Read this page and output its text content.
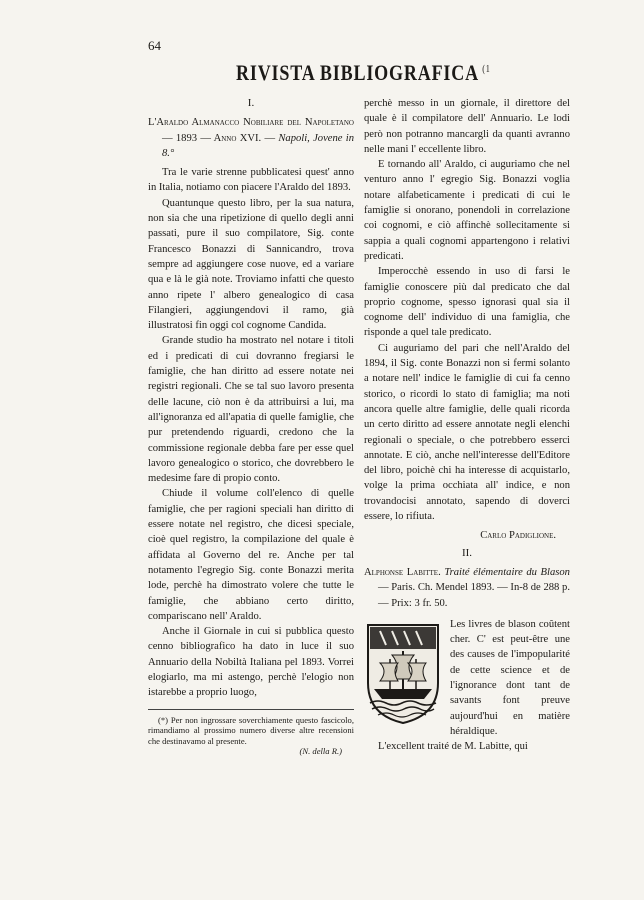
64
RIVISTA BIBLIOGRAFICA $^{(1}$
I.

L'Araldo Almanacco Nobiliare del Napoletano — 1893 — Anno XVI. — Napoli, Jovene in 8.°

Tra le varie strenne pubblicatesi quest' anno in Italia, notiamo con piacere l'Araldo del 1893.

Quantunque questo libro, per la sua natura, non sia che una ripetizione di quello degli anni passati, pure il suo compilatore, Sig. conte Francesco Bonazzi di Sannicandro, trova sempre ad aggiungere cose nuove, ed a variare qua e là le già note. Troviamo infatti che questo anno ripete l' albero genealogico di casa Filangieri, aggiungendovi il ramo, già illustratosi fin oggi col cognome Candida.

Grande studio ha mostrato nel notare i titoli ed i predicati di cui dovranno fregiarsi le famiglie, che han diritto ad essere notate nei registri regionali. Che se tal suo lavoro presenta delle lacune, ciò non è da attribuirsi a lui, ma all'ignoranza ed all'apatia di quelle famiglie, che pur pretendendo riguardi, credono che la commissione regionale debba fare per esse quel lavoro genealogico o storico, che dovrebbero le medesime fare di propio conto.

Chiude il volume coll'elenco di quelle famiglie, che per ragioni speciali han diritto di essere notate nel registro, che dicesi speciale, cioè quel registro, la compilazione del quale è affidata al Governo del re. Anche per tal notamento l'egregio Sig. conte Bonazzi merita lode, perchè ha dimostrato volere che tutte le famiglie, che abbiano certo diritto, compariscano nell' Araldo.

Anche il Giornale in cui si pubblica questo cenno bibliografico ha dato in luce il suo Annuario della Nobiltà Italiana pel 1893. Vorrei elogiarlo, ma mi astengo, perchè l'elogio non istarebbe a proprio luogo,

(*) Per non ingrossare soverchiamente questo fascicolo, rimandiamo al prossimo numero diverse altre recensioni che destinavamo al presente.

(N. della R.)

perchè messo in un giornale, il direttore del quale è il compilatore dell' Annuario. Le lodi però non potranno mancargli da quanti avranno nelle mani l' eccellente libro.

E tornando all' Araldo, ci auguriamo che nel venturo anno l' egregio Sig. Bonazzi voglia notare alfabeticamente i predicati di cui le famiglie si onorano, ponendoli in correlazione coi cognomi, e ciò affinchè sollecitamente si sappia a quali cognomi appartengono i relativi predicati.

Imperocchè essendo in uso di farsi le famiglie conoscere più dal predicato che dal proprio cognome, spesso ignorasi qual sia il cognome dell' individuo di una famiglia, che risponde a quel tale predicato.

Ci auguriamo del pari che nell'Araldo del 1894, il Sig. conte Bonazzi non si fermi solanto a notare nell' indice le famiglie di cui fa cenno storico, o ricordi lo stato di famiglia; ma noti ancora quelle altre famiglie, delle quali ricorda un certo diritto ad essere annotate negli elenchi regionali o speciale, o che potrebbero esserci annotate. E ciò, anche nell'interesse dell'Editore del libro, poichè chi ha interesse di acquistarlo, volge la prima occhiata all' indice, e non trovandocisi annotato, sapendo di doverci essere, lo rifiuta.

Carlo Padiglione.

II.

Alphonse Labitte. Traité élémentaire du Blason — Paris. Ch. Mendel 1893. — In-8 de 288 p. — Prix: 3 fr. 50.

Les livres de blason coûtent cher. C' est peut-être une des causes de l'impopularité de cette science et de l'ignorance dont tant de savants font preuve aujourd'hui en matière héraldique.

L'excellent traité de M. Labitte, qui
